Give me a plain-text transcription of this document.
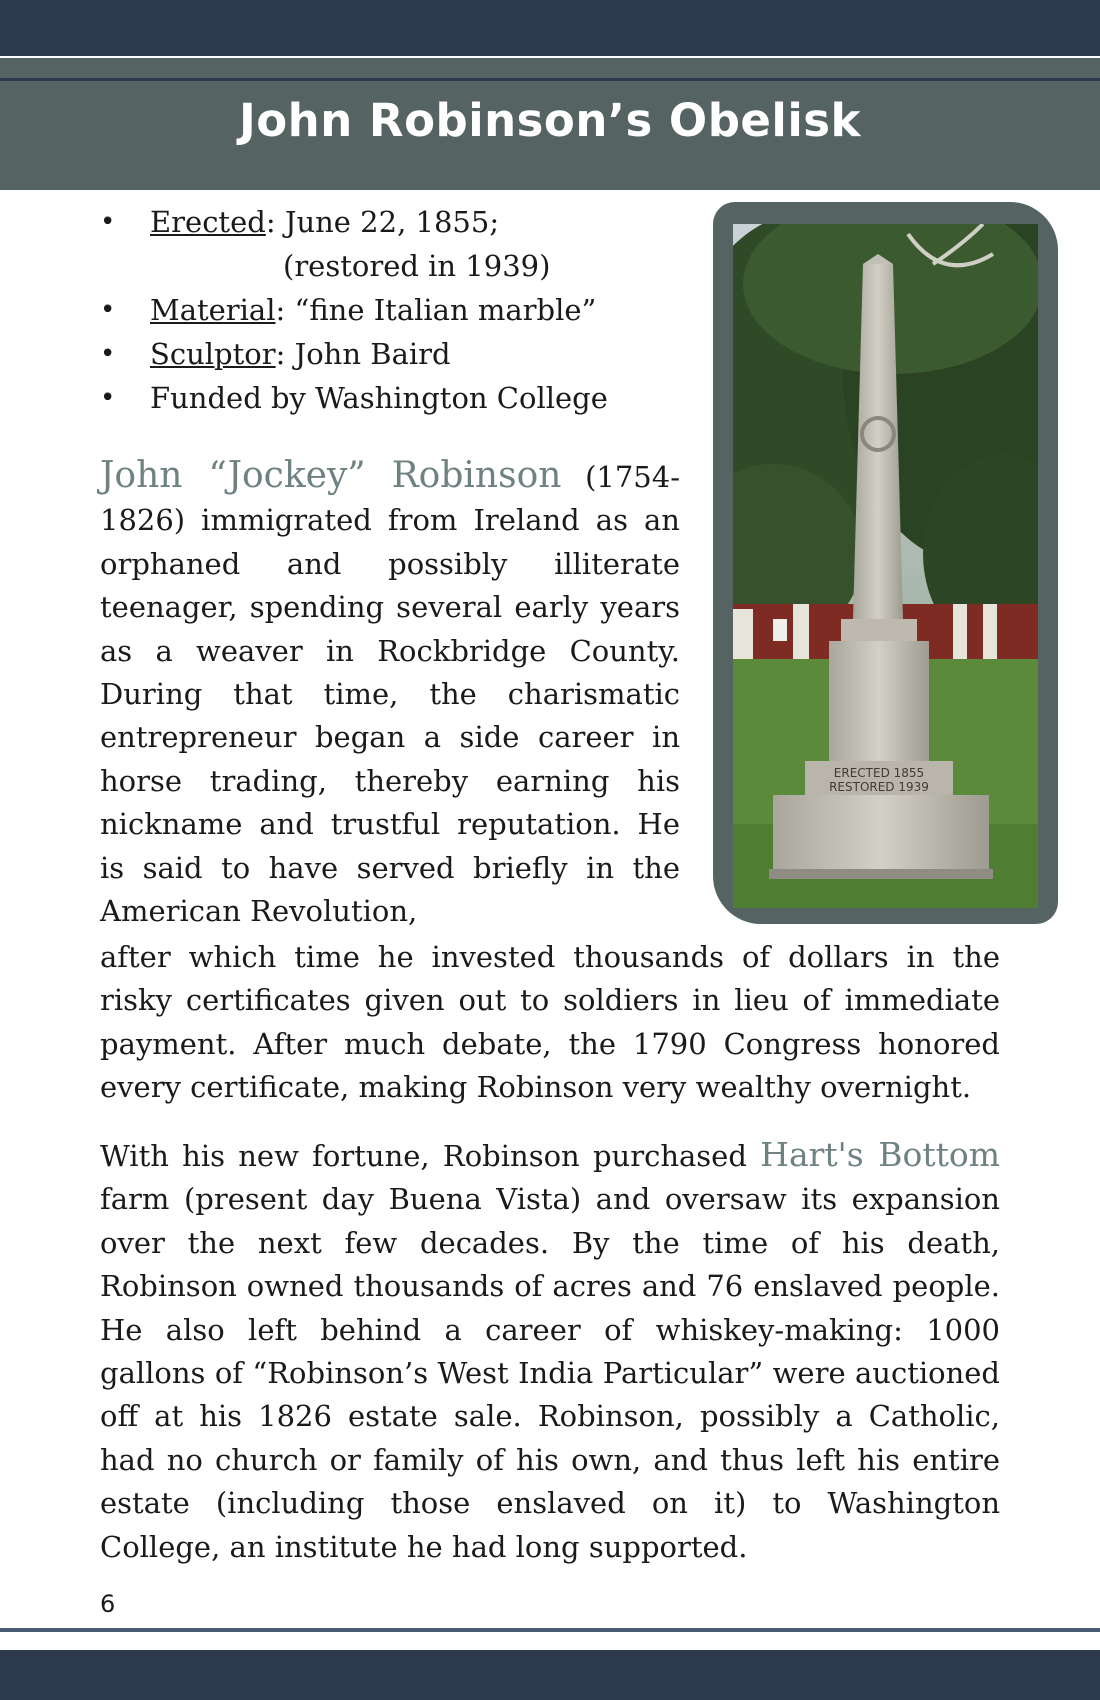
John Robinson’s Obelisk
• Erected: June 22, 1855;
(restored in 1939)
• Material: “fine Italian marble”
• Sculptor: John Baird
• Funded by Washington College
ERECTED 1855
RESTORED 1939

John “Jockey” Robinson (1754-1826) immigrated from Ireland as an orphaned and possibly illiterate teenager, spending several early years as a weaver in Rockbridge County. During that time, the charismatic entrepreneur began a side career in horse trading, thereby earning his nickname and trustful reputation. He is said to have served briefly in the American Revolution,

after which time he invested thousands of dollars in the risky certificates given out to soldiers in lieu of immediate payment. After much debate, the 1790 Congress honored every certificate, making Robinson very wealthy overnight.

With his new fortune, Robinson purchased Hart's Bottom farm (present day Buena Vista) and oversaw its expansion over the next few decades. By the time of his death, Robinson owned thousands of acres and 76 enslaved people. He also left behind a career of whiskey-making: 1000 gallons of “Robinson’s West India Particular” were auctioned off at his 1826 estate sale. Robinson, possibly a Catholic, had no church or family of his own, and thus left his entire estate (including those enslaved on it) to Washington College, an institute he had long supported.

6
